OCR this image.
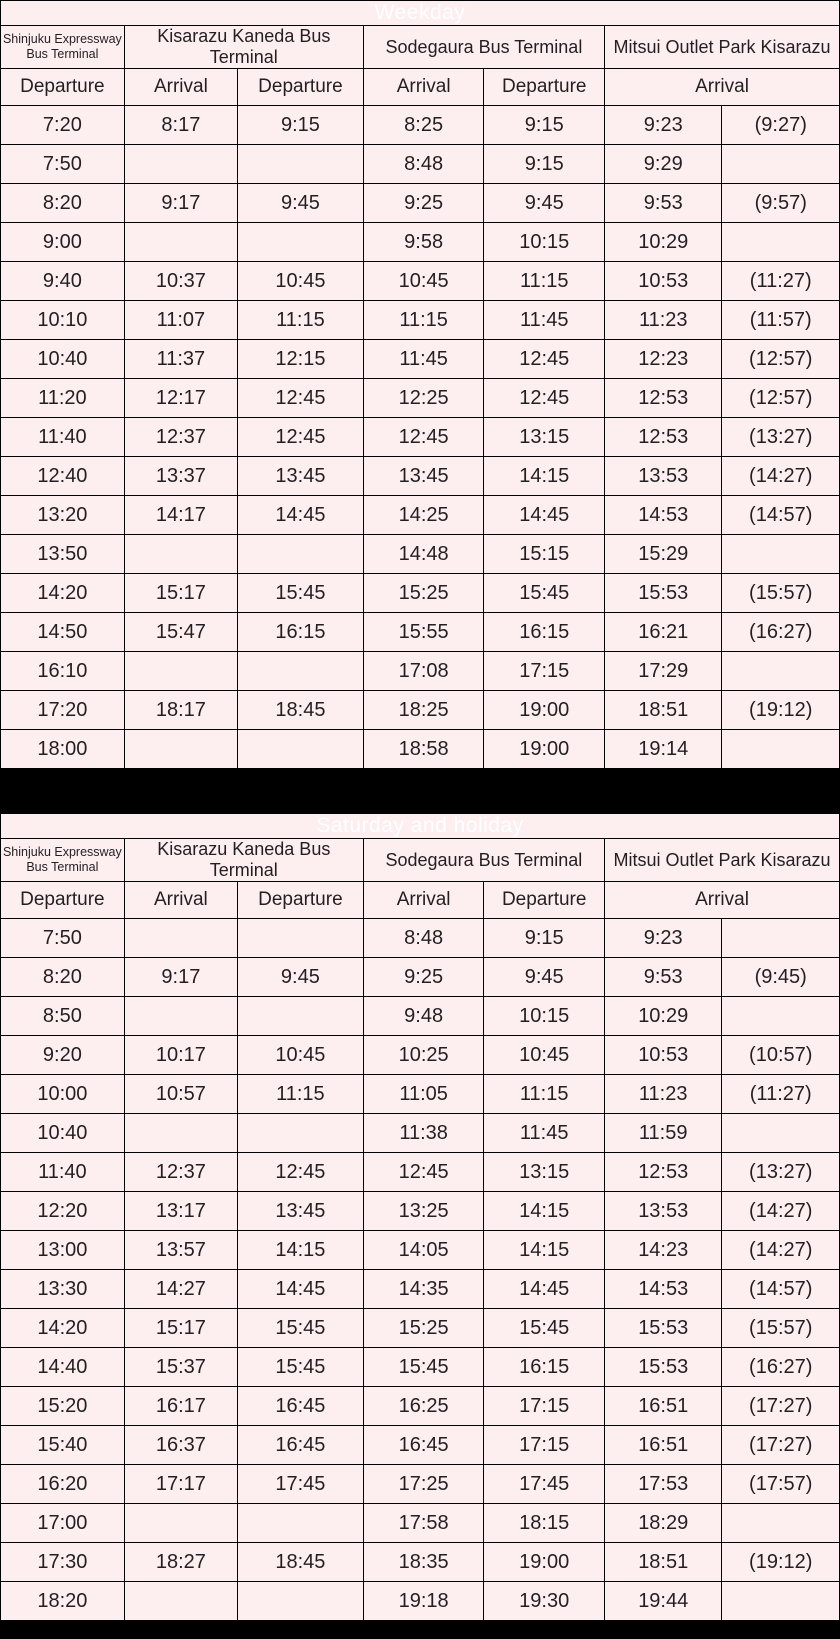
Weekday						
Shinjuku Expressway Bus Terminal	Kisarazu Kaneda Bus Terminal		Sodegaura Bus Terminal		Mitsui Outlet Park Kisarazu	
Departure	Arrival	Departure	Arrival	Departure	Arrival	
7:20	8:17	9:15	8:25	9:15	9:23	(9:27)
7:50			8:48	9:15	9:29	
8:20	9:17	9:45	9:25	9:45	9:53	(9:57)
9:00			9:58	10:15	10:29	
9:40	10:37	10:45	10:45	11:15	10:53	(11:27)
10:10	11:07	11:15	11:15	11:45	11:23	(11:57)
10:40	11:37	12:15	11:45	12:45	12:23	(12:57)
11:20	12:17	12:45	12:25	12:45	12:53	(12:57)
11:40	12:37	12:45	12:45	13:15	12:53	(13:27)
12:40	13:37	13:45	13:45	14:15	13:53	(14:27)
13:20	14:17	14:45	14:25	14:45	14:53	(14:57)
13:50			14:48	15:15	15:29	
14:20	15:17	15:45	15:25	15:45	15:53	(15:57)
14:50	15:47	16:15	15:55	16:15	16:21	(16:27)
16:10			17:08	17:15	17:29	
17:20	18:17	18:45	18:25	19:00	18:51	(19:12)
18:00			18:58	19:00	19:14	
Saturday and holiday						
Shinjuku Expressway Bus Terminal	Kisarazu Kaneda Bus Terminal		Sodegaura Bus Terminal		Mitsui Outlet Park Kisarazu	
Departure	Arrival	Departure	Arrival	Departure	Arrival	
7:50			8:48	9:15	9:23	
8:20	9:17	9:45	9:25	9:45	9:53	(9:45)
8:50			9:48	10:15	10:29	
9:20	10:17	10:45	10:25	10:45	10:53	(10:57)
10:00	10:57	11:15	11:05	11:15	11:23	(11:27)
10:40			11:38	11:45	11:59	
11:40	12:37	12:45	12:45	13:15	12:53	(13:27)
12:20	13:17	13:45	13:25	14:15	13:53	(14:27)
13:00	13:57	14:15	14:05	14:15	14:23	(14:27)
13:30	14:27	14:45	14:35	14:45	14:53	(14:57)
14:20	15:17	15:45	15:25	15:45	15:53	(15:57)
14:40	15:37	15:45	15:45	16:15	15:53	(16:27)
15:20	16:17	16:45	16:25	17:15	16:51	(17:27)
15:40	16:37	16:45	16:45	17:15	16:51	(17:27)
16:20	17:17	17:45	17:25	17:45	17:53	(17:57)
17:00			17:58	18:15	18:29	
17:30	18:27	18:45	18:35	19:00	18:51	(19:12)
18:20			19:18	19:30	19:44	
